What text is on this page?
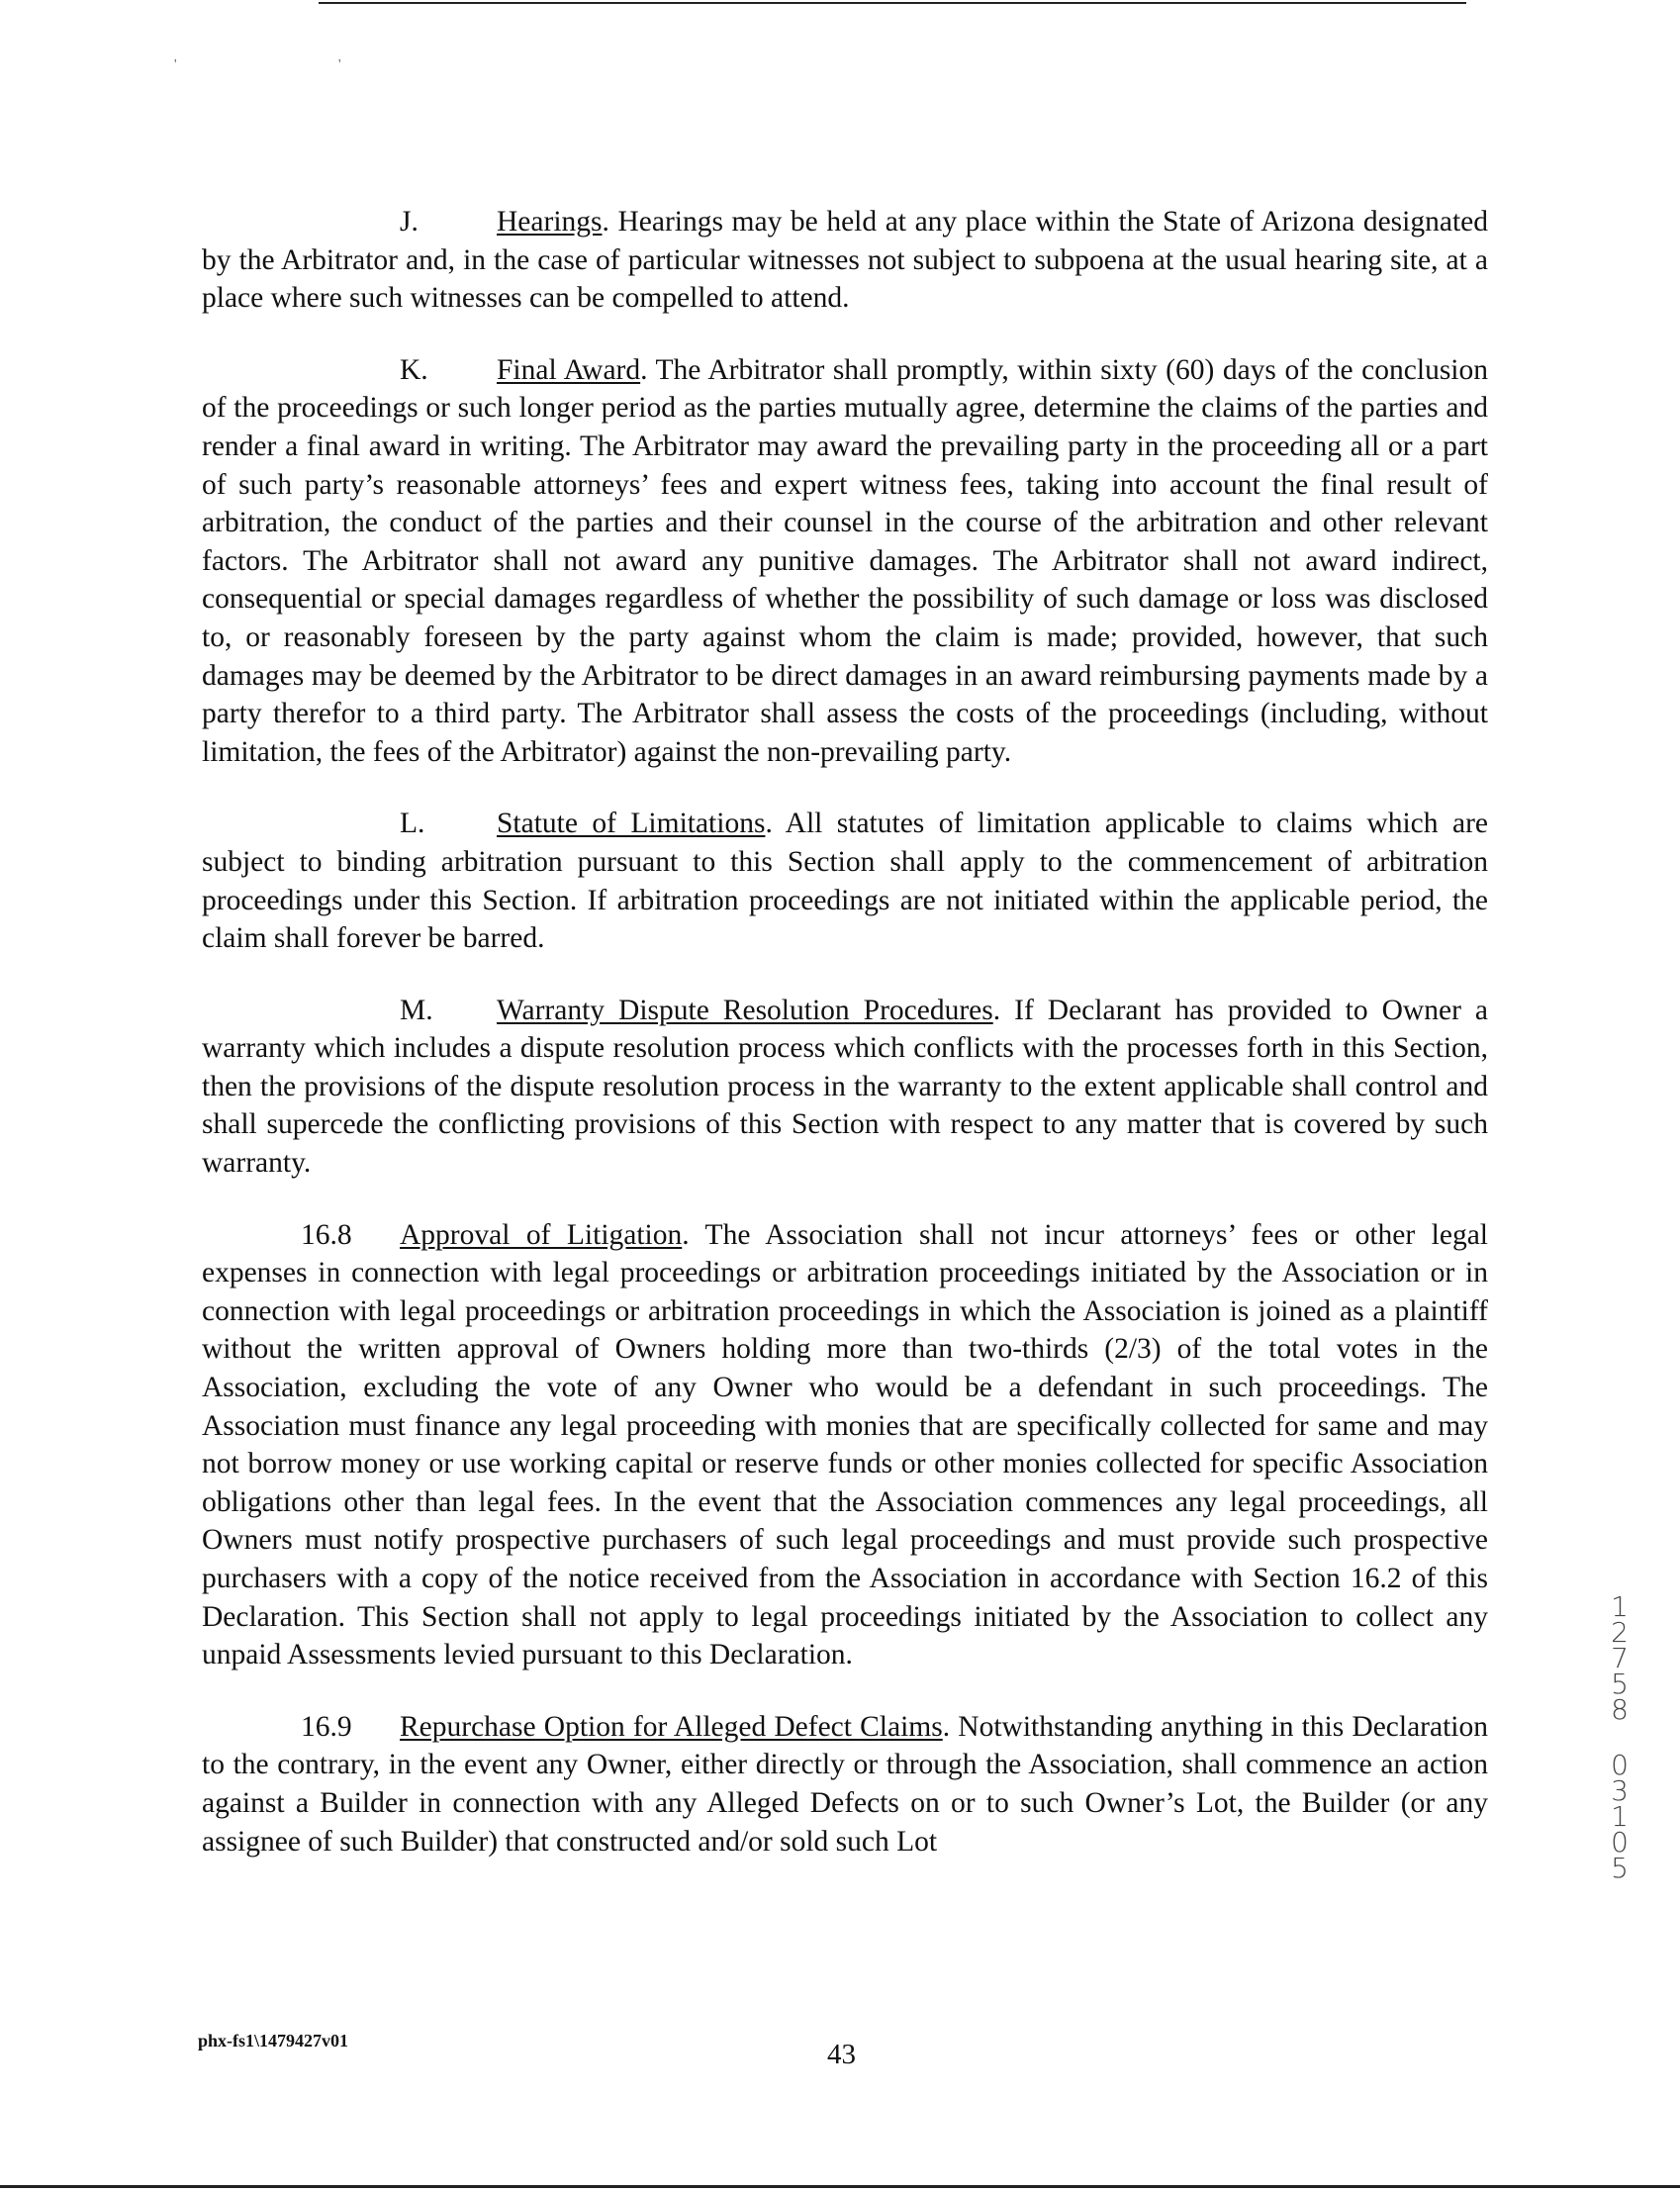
' '

J.	Hearings. Hearings may be held at any place within the State of Arizona designated by the Arbitrator and, in the case of particular witnesses not subject to subpoena at the usual hearing site, at a place where such witnesses can be compelled to attend.

K. Final Award. The Arbitrator shall promptly, within sixty (60) days of the conclusion of the proceedings or such longer period as the parties mutually agree, determine the claims of the parties and render a final award in writing. The Arbitrator may award the prevailing party in the proceeding all or a part of such party’s reasonable attorneys’ fees and expert witness fees, taking into account the final result of arbitration, the conduct of the parties and their counsel in the course of the arbitration and other relevant factors. The Arbitrator shall not award any punitive damages. The Arbitrator shall not award indirect, consequential or special damages regardless of whether the possibility of such damage or loss was disclosed to, or reasonably foreseen by the party against whom the claim is made; provided, however, that such damages may be deemed by the Arbitrator to be direct damages in an award reimbursing payments made by a party therefor to a third party. The Arbitrator shall assess the costs of the proceedings (including, without limitation, the fees of the Arbitrator) against the non-prevailing party.

L. Statute of Limitations. All statutes of limitation applicable to claims which are subject to binding arbitration pursuant to this Section shall apply to the commencement of arbitration proceedings under this Section. If arbitration proceedings are not initiated within the applicable period, the claim shall forever be barred.

M. Warranty Dispute Resolution Procedures. If Declarant has provided to Owner a warranty which includes a dispute resolution process which conflicts with the processes forth in this Section, then the provisions of the dispute resolution process in the warranty to the extent applicable shall control and shall supercede the conflicting provisions of this Section with respect to any matter that is covered by such warranty.

16.8 Approval of Litigation. The Association shall not incur attorneys’ fees or other legal expenses in connection with legal proceedings or arbitration proceedings initiated by the Association or in connection with legal proceedings or arbitration proceedings in which the Association is joined as a plaintiff without the written approval of Owners holding more than two-thirds (2/3) of the total votes in the Association, excluding the vote of any Owner who would be a defendant in such proceedings. The Association must finance any legal proceeding with monies that are specifically collected for same and may not borrow money or use working capital or reserve funds or other monies collected for specific Association obligations other than legal fees. In the event that the Association commences any legal proceedings, all Owners must notify prospective purchasers of such legal proceedings and must provide such prospective purchasers with a copy of the notice received from the Association in accordance with Section 16.2 of this Declaration. This Section shall not apply to legal proceedings initiated by the Association to collect any unpaid Assessments levied pursuant to this Declaration.

16.9 Repurchase Option for Alleged Defect Claims. Notwithstanding anything in this Declaration to the contrary, in the event any Owner, either directly or through the Association, shall commence an action against a Builder in connection with any Alleged Defects on or to such Owner’s Lot, the Builder (or any assignee of such Builder) that constructed and/or sold such Lot

1
2
7
5
8
0
3
1
0
5
phx-fs1\1479427v01	43
